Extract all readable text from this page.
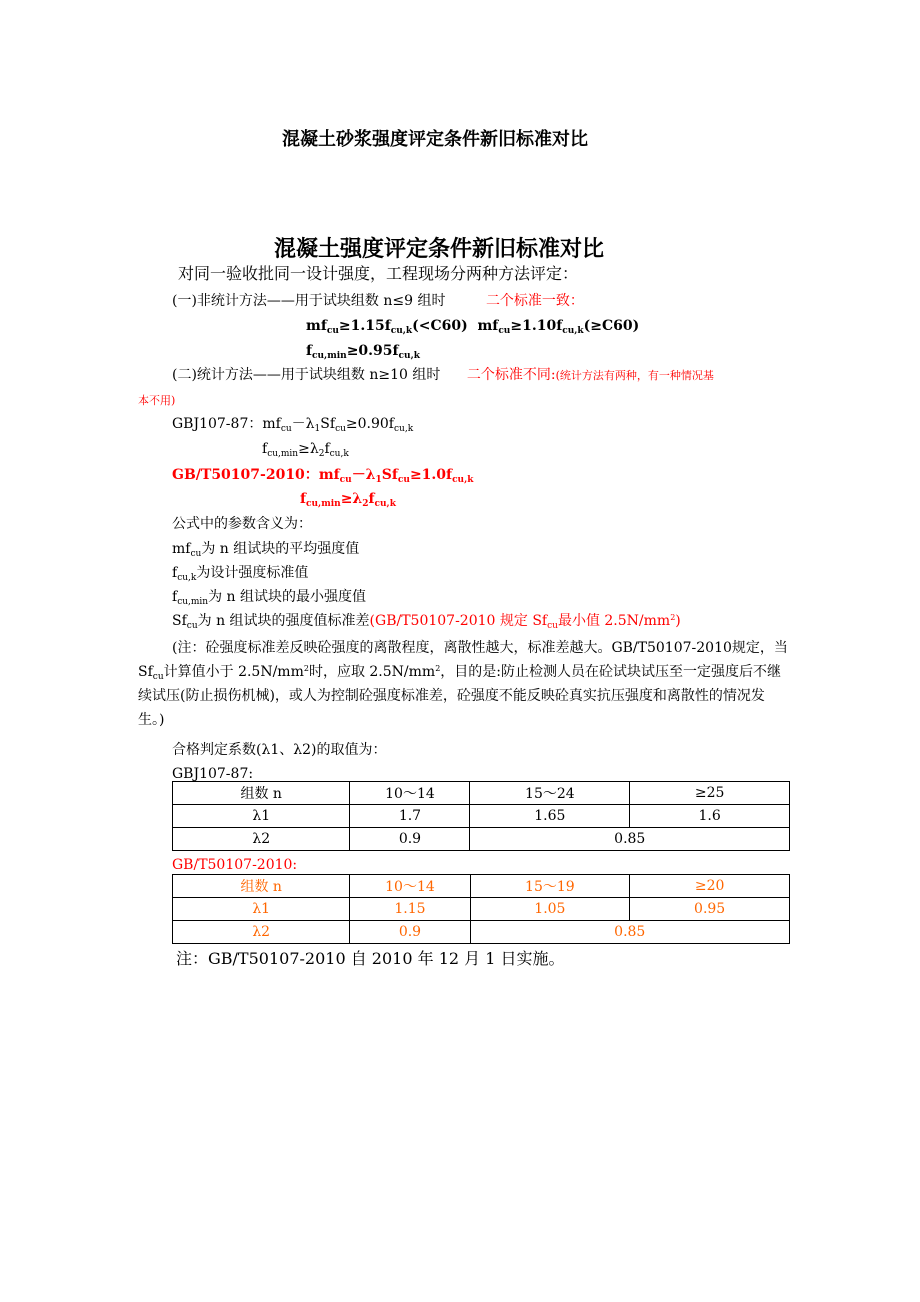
混凝土砂浆强度评定条件新旧标准对比
混凝土强度评定条件新旧标准对比
对同一验收批同一设计强度，工程现场分两种方法评定：
(一)非统计方法——用于试块组数 n≤9 组时	二个标准一致：
$mf_{cu}\ge 1.15f_{cu,k}(<C60)$  $mf_{cu}\ge 1.10f_{cu,k}(\ge C60)$
$f_{cu,min}\ge 0.95f_{cu,k}$
(二)统计方法——用于试块组数 n≥10 组时 二个标准不同:(统计方法有两种，有一种情况基
本不用)
GBJ107-87：$mf_{cu}-\lambda_1Sf_{cu}\ge 0.90f_{cu,k}$
$f_{cu,min}\ge\lambda_2f_{cu,k}$
GB/T50107-2010：$mf_{cu}-\lambda_1Sf_{cu}\ge 1.0f_{cu,k}$
$f_{cu,min}\ge\lambda_2f_{cu,k}$
公式中的参数含义为：
$mf_{cu}$为 n 组试块的平均强度值
$f_{cu,k}$为设计强度标准值
$f_{cu,min}$为 n 组试块的最小强度值
$Sf_{cu}$为 n 组试块的强度值标准差(GB/T50107-2010 规定 $Sf_{cu}$最小值 $2.5N/mm^2$)
(注：砼强度标准差反映砼强度的离散程度，离散性越大，标准差越大。GB/T50107-2010规定，当 $Sf_{cu}$计算值小于 $2.5N/mm^2$时，应取 $2.5N/mm^2$，目的是:防止检测人员在砼试块试压至一定强度后不继续试压(防止损伤机械)，或人为控制砼强度标准差，砼强度不能反映砼真实抗压强度和离散性的情况发生。)
合格判定系数(λ1、λ2)的取值为：
GBJ107-87:
组数 n	10～14	15～24	≥25
λ1	1.7	1.65	1.6
λ2	0.9	0.85	
GB/T50107-2010:
组数 n	10～14	15～19	≥20
λ1	1.15	1.05	0.95
λ2	0.9	0.85	
注：GB/T50107-2010 自 2010 年 12 月 1 日实施。
